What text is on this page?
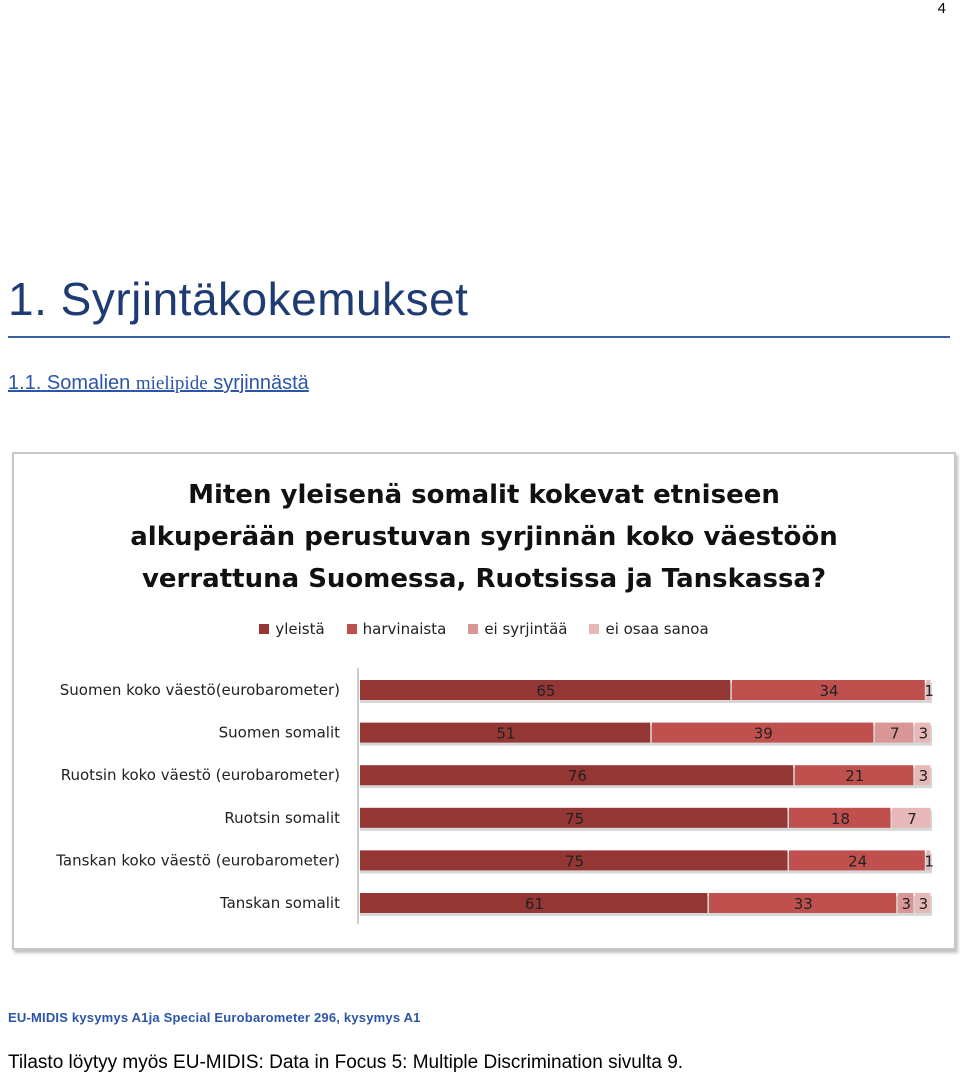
4
1. Syrjintäkokemukset
1.1. Somalien mielipide syrjinnästä
Miten yleisenä somalit kokevat etniseen
alkuperään perustuvan syrjinnän koko väestöön
verrattuna Suomessa, Ruotsissa ja Tanskassa?
yleistä	harvinaista	ei syrjintää	ei osaa sanoa
Suomen koko väestö(eurobarometer)	65	34	1
Suomen somalit	51	39	7 3
Ruotsin koko väestö (eurobarometer)	76	21	3
Ruotsin somalit	75	18	7
Tanskan koko väestö (eurobarometer)	75	24	1
Tanskan somalit	61	33	3 3
EU-MIDIS kysymys A1ja Special Eurobarometer 296, kysymys A1
Tilasto löytyy myös EU-MIDIS: Data in Focus 5: Multiple Discrimination sivulta 9.
